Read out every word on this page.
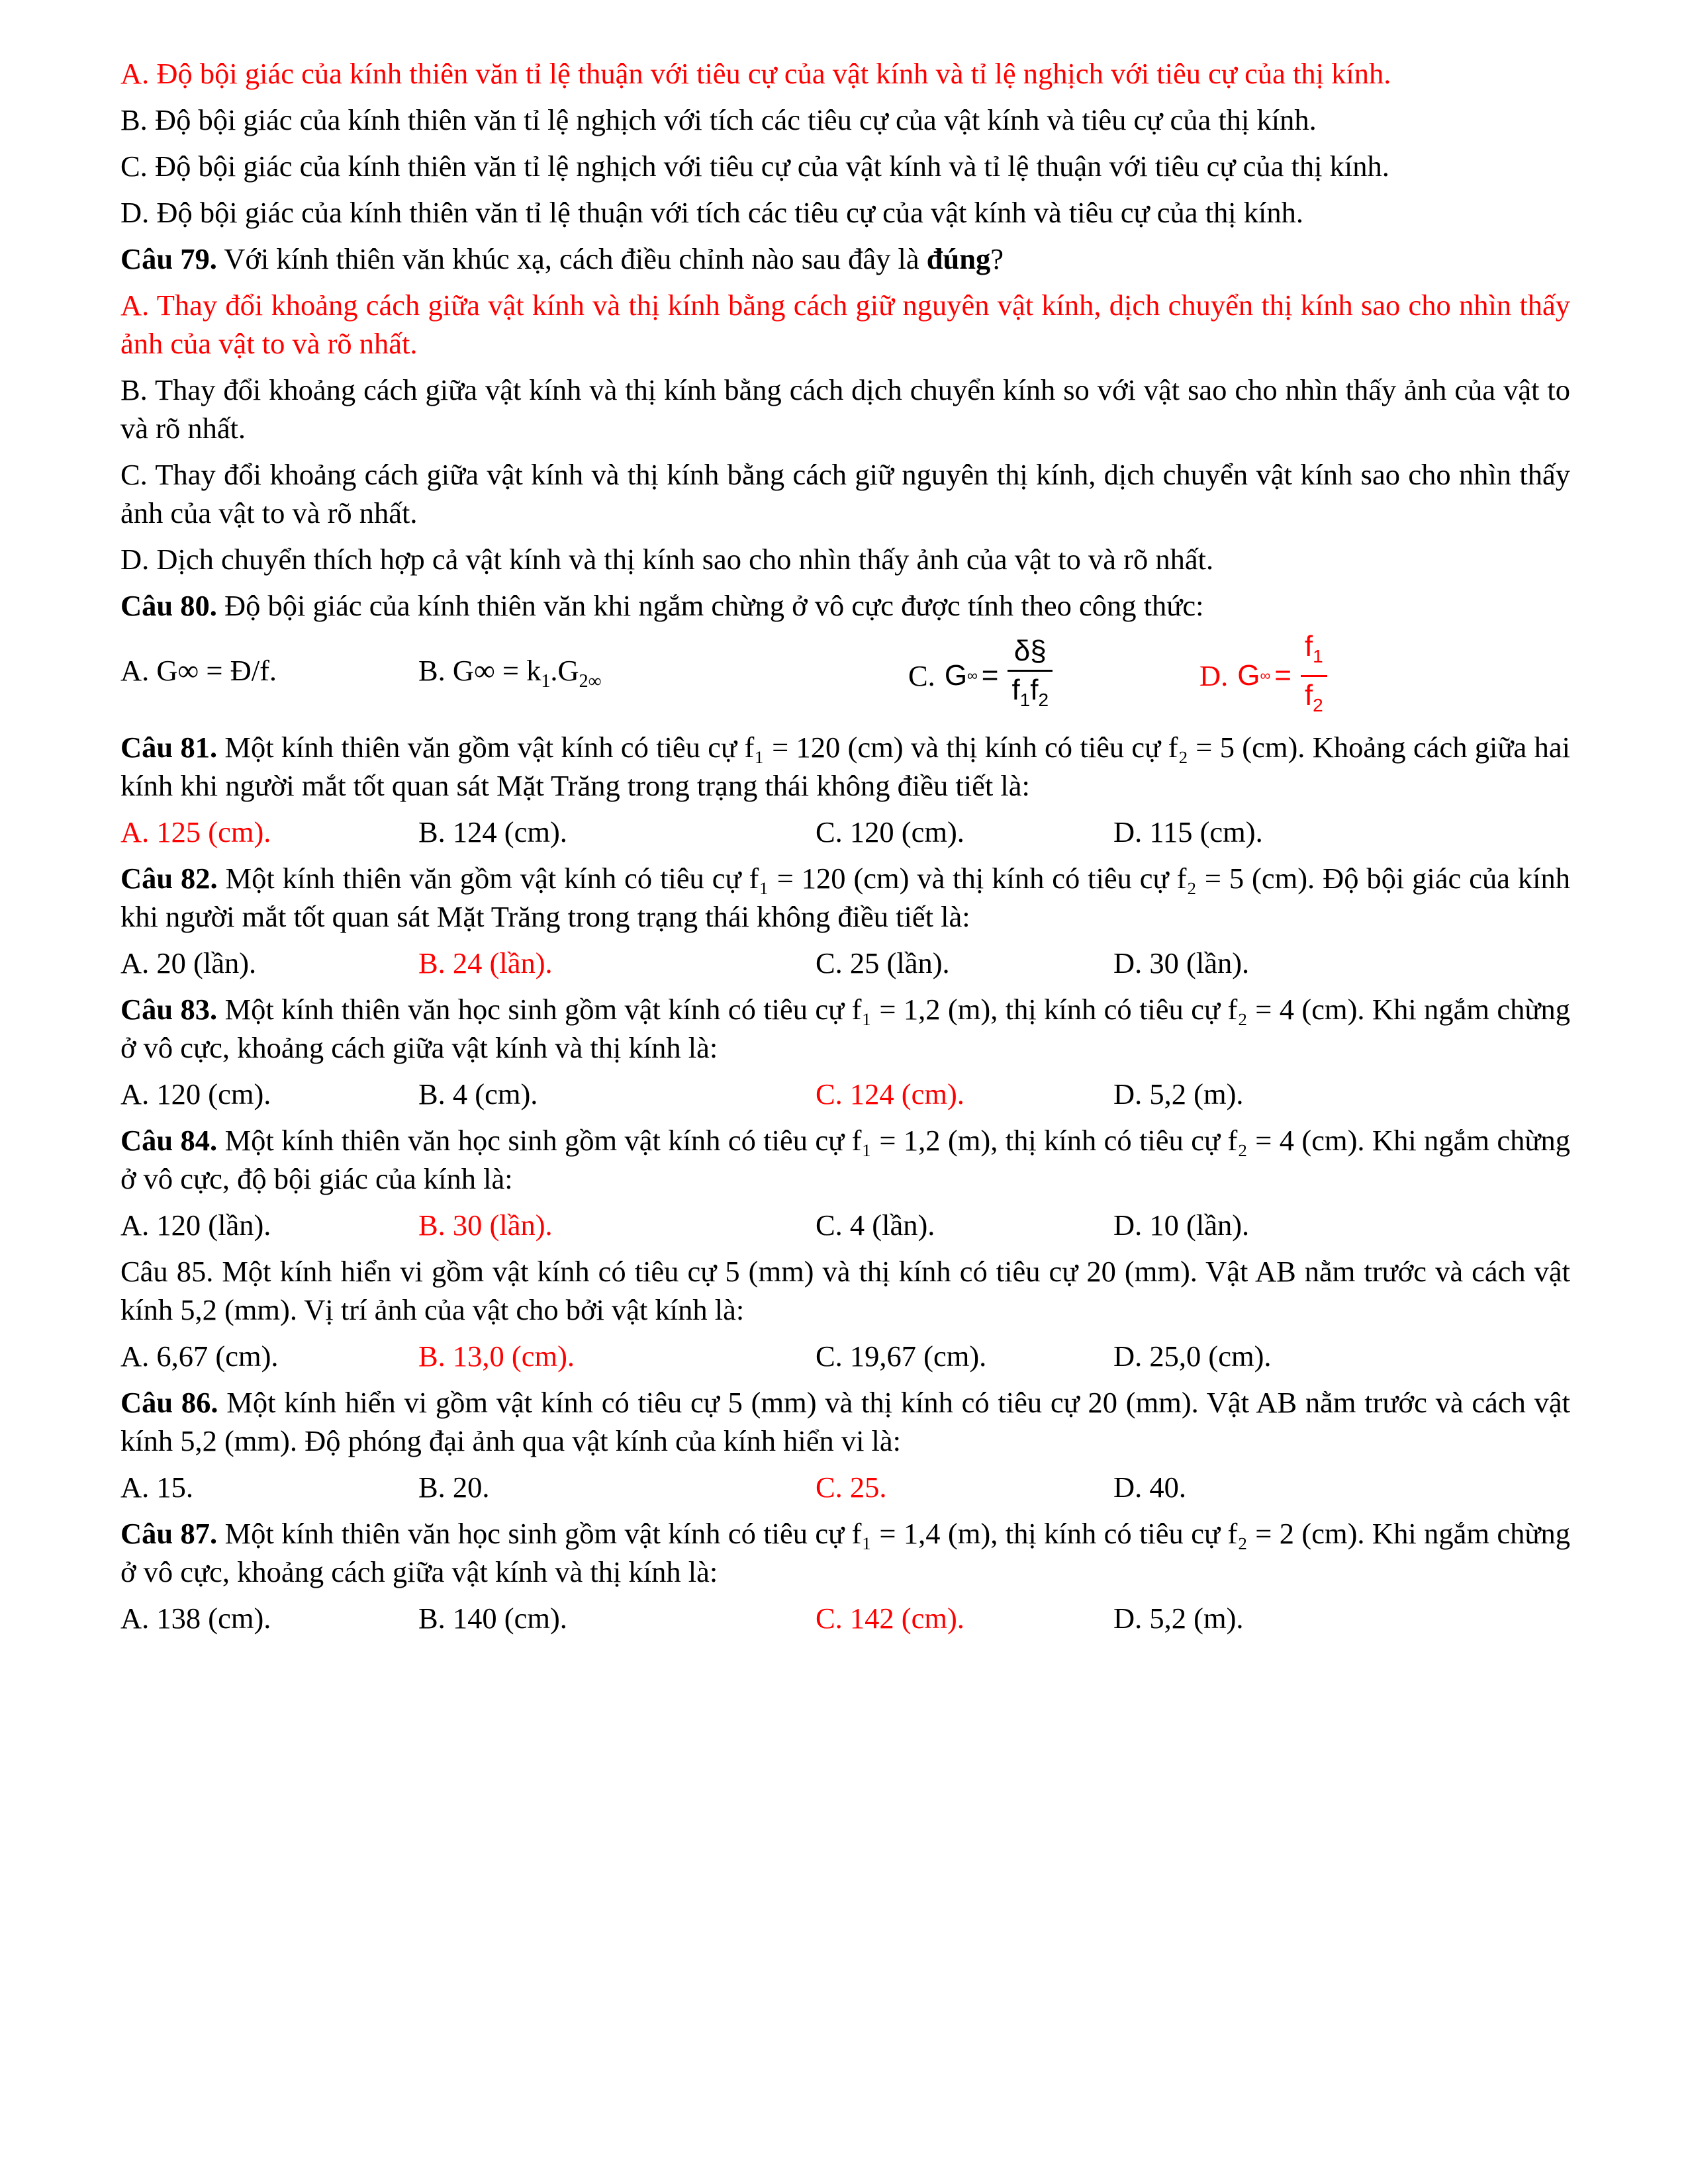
A. Độ bội giác của kính thiên văn tỉ lệ thuận với tiêu cự của vật kính và tỉ lệ nghịch với tiêu cự của thị kính.

B. Độ bội giác của kính thiên văn tỉ lệ nghịch với tích các tiêu cự của vật kính và tiêu cự của thị kính.

C. Độ bội giác của kính thiên văn tỉ lệ nghịch với tiêu cự của vật kính và tỉ lệ thuận với tiêu cự của thị kính.

D. Độ bội giác của kính thiên văn tỉ lệ thuận với tích các tiêu cự của vật kính và tiêu cự của thị kính.

Câu 79. Với kính thiên văn khúc xạ, cách điều chỉnh nào sau đây là đúng?

A. Thay đổi khoảng cách giữa vật kính và thị kính bằng cách giữ nguyên vật kính, dịch chuyển thị kính sao cho nhìn thấy ảnh của vật to và rõ nhất.

B. Thay đổi khoảng cách giữa vật kính và thị kính bằng cách dịch chuyển kính so với vật sao cho nhìn thấy ảnh của vật to và rõ nhất.

C. Thay đổi khoảng cách giữa vật kính và thị kính bằng cách giữ nguyên thị kính, dịch chuyển vật kính sao cho nhìn thấy ảnh của vật to và rõ nhất.

D. Dịch chuyển thích hợp cả vật kính và thị kính sao cho nhìn thấy ảnh của vật to và rõ nhất.

Câu 80. Độ bội giác của kính thiên văn khi ngắm chừng ở vô cực được tính theo công thức:

A. G∞ = Đ/f.	B. $G\infty = k_1.G_{2\infty}$	C. G ∞ = $\frac{\delta\S}{f_1f_2}$	D. G ∞ = $\frac{f_1}{f_2}$

Câu 81. Một kính thiên văn gồm vật kính có tiêu cự f₁ = 120 (cm) và thị kính có tiêu cự f₂ = 5 (cm). Khoảng cách giữa hai kính khi người mắt tốt quan sát Mặt Trăng trong trạng thái không điều tiết là:

A. 125 (cm).	B. 124 (cm).	C. 120 (cm).	D. 115 (cm).

Câu 82. Một kính thiên văn gồm vật kính có tiêu cự f₁ = 120 (cm) và thị kính có tiêu cự f₂ = 5 (cm). Độ bội giác của kính khi người mắt tốt quan sát Mặt Trăng trong trạng thái không điều tiết là:

A. 20 (lần).	B. 24 (lần).	C. 25 (lần).	D. 30 (lần).

Câu 83. Một kính thiên văn học sinh gồm vật kính có tiêu cự f₁ = 1,2 (m), thị kính có tiêu cự f₂ = 4 (cm). Khi ngắm chừng ở vô cực, khoảng cách giữa vật kính và thị kính là:

A. 120 (cm).	B. 4 (cm).	C. 124 (cm).	D. 5,2 (m).

Câu 84. Một kính thiên văn học sinh gồm vật kính có tiêu cự f₁ = 1,2 (m), thị kính có tiêu cự f₂ = 4 (cm). Khi ngắm chừng ở vô cực, độ bội giác của kính là:

A. 120 (lần).	B. 30 (lần).	C. 4 (lần).	D. 10 (lần).

Câu 85. Một kính hiển vi gồm vật kính có tiêu cự 5 (mm) và thị kính có tiêu cự 20 (mm). Vật AB nằm trước và cách vật kính 5,2 (mm). Vị trí ảnh của vật cho bởi vật kính là:

A. 6,67 (cm).	B. 13,0 (cm).	C. 19,67 (cm).	D. 25,0 (cm).

Câu 86. Một kính hiển vi gồm vật kính có tiêu cự 5 (mm) và thị kính có tiêu cự 20 (mm). Vật AB nằm trước và cách vật kính 5,2 (mm). Độ phóng đại ảnh qua vật kính của kính hiển vi là:

A. 15.	B. 20.	C. 25.	D. 40.

Câu 87. Một kính thiên văn học sinh gồm vật kính có tiêu cự f₁ = 1,4 (m), thị kính có tiêu cự f₂ = 2 (cm). Khi ngắm chừng ở vô cực, khoảng cách giữa vật kính và thị kính là:

A. 138 (cm).	B. 140 (cm).	C. 142 (cm).	D. 5,2 (m).
